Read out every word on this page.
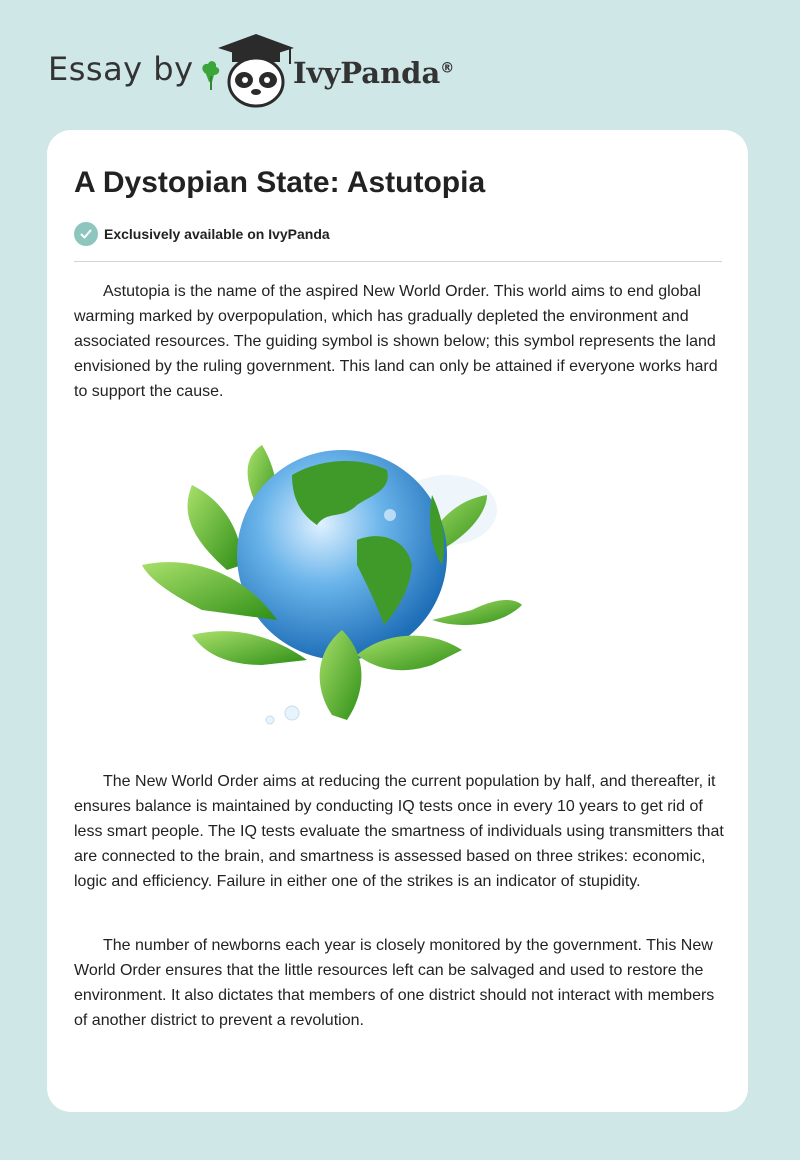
Essay by	IvyPanda®
A Dystopian State: Astutopia
Exclusively available on IvyPanda

Astutopia is the name of the aspired New World Order. This world aims to end global warming marked by overpopulation, which has gradually depleted the environment and associated resources. The guiding symbol is shown below; this symbol represents the land envisioned by the ruling government. This land can only be attained if everyone works hard to support the cause.

The New World Order aims at reducing the current population by half, and thereafter, it ensures balance is maintained by conducting IQ tests once in every 10 years to get rid of less smart people. The IQ tests evaluate the smartness of individuals using transmitters that are connected to the brain, and smartness is assessed based on three strikes: economic, logic and efficiency. Failure in either one of the strikes is an indicator of stupidity.

The number of newborns each year is closely monitored by the government. This New World Order ensures that the little resources left can be salvaged and used to restore the environment. It also dictates that members of one district should not interact with members of another district to prevent a revolution.
